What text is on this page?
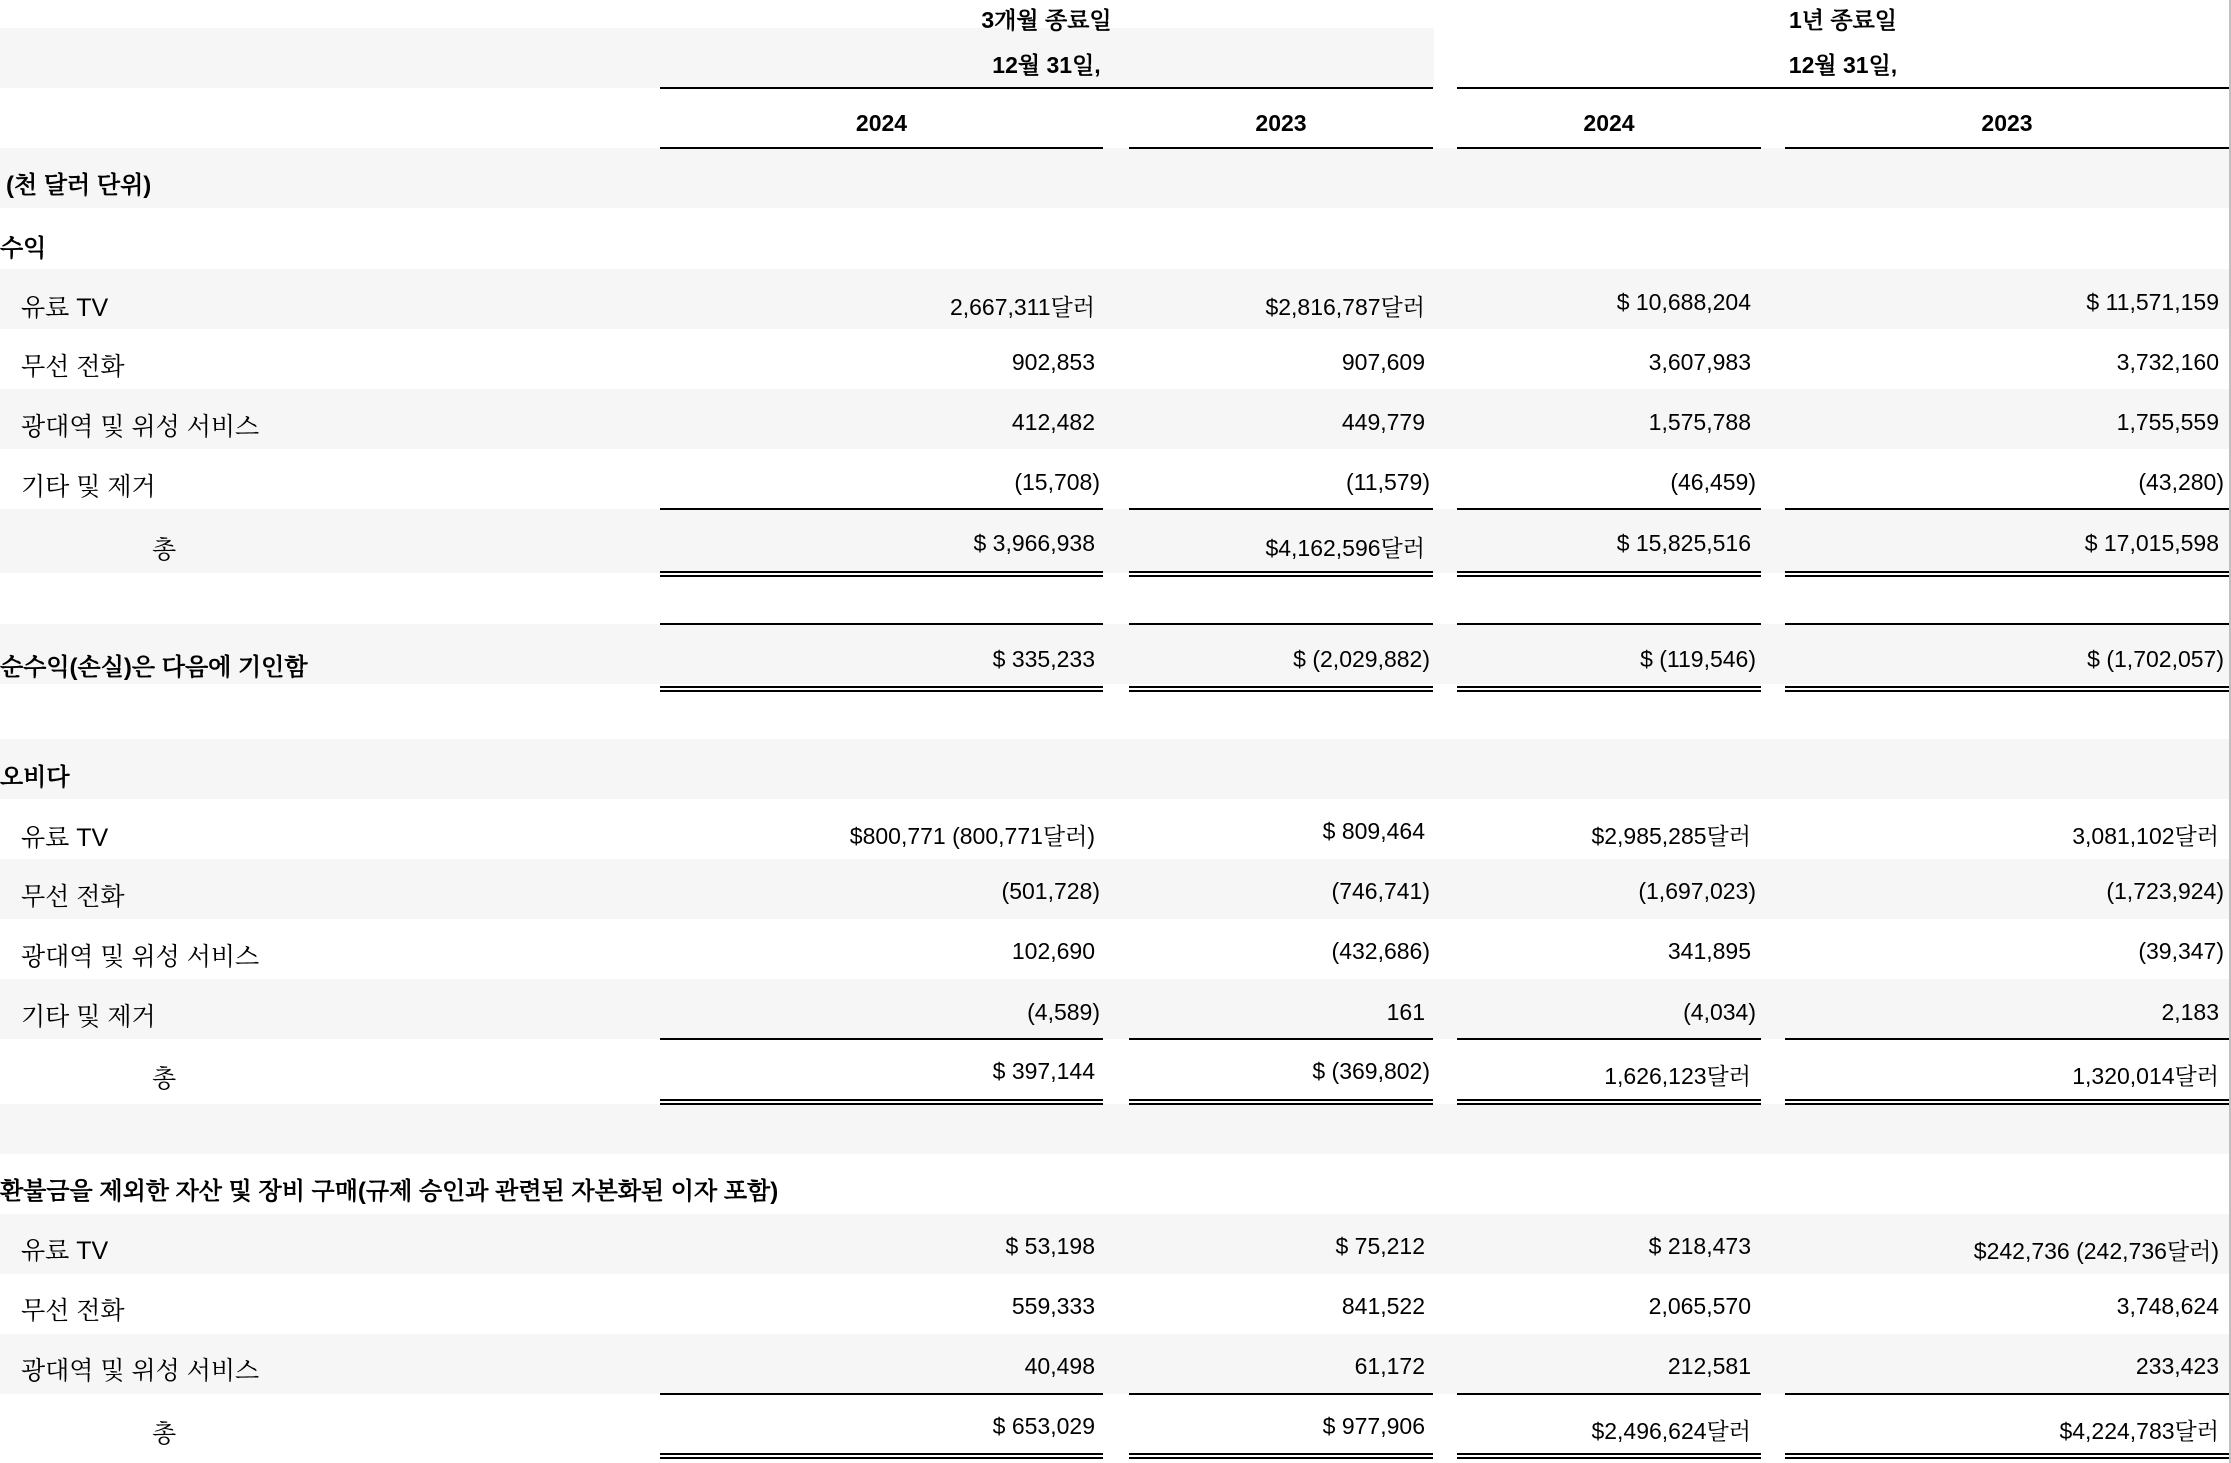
3개월 종료일	1년 종료일
12월 31일,	12월 31일,
2024	2023	2024	2023
(천 달러 단위)
수익
유료 TV	2,667,311달러	$2,816,787달러	$ 10,688,204	$ 11,571,159
무선 전화	902,853	907,609	3,607,983	3,732,160
광대역 및 위성 서비스	412,482	449,779	1,575,788	1,755,559
기타 및 제거	(15,708)	(11,579)	(46,459)	(43,280)
총	$ 3,966,938	$4,162,596달러	$ 15,825,516	$ 17,015,598
순수익(손실)은 다음에 기인함	$ 335,233	$ (2,029,882)	$ (119,546)	$ (1,702,057)
오비다
유료 TV	$800,771 (800,771달러)	$ 809,464	$2,985,285달러	3,081,102달러
무선 전화	(501,728)	(746,741)	(1,697,023)	(1,723,924)
광대역 및 위성 서비스	102,690	(432,686)	341,895	(39,347)
기타 및 제거	(4,589)	161	(4,034)	2,183
총	$ 397,144	$ (369,802)	1,626,123달러	1,320,014달러
환불금을 제외한 자산 및 장비 구매(규제 승인과 관련된 자본화된 이자 포함)
유료 TV	$ 53,198	$ 75,212	$ 218,473	$242,736 (242,736달러)
무선 전화	559,333	841,522	2,065,570	3,748,624
광대역 및 위성 서비스	40,498	61,172	212,581	233,423
총	$ 653,029	$ 977,906	$2,496,624달러	$4,224,783달러
